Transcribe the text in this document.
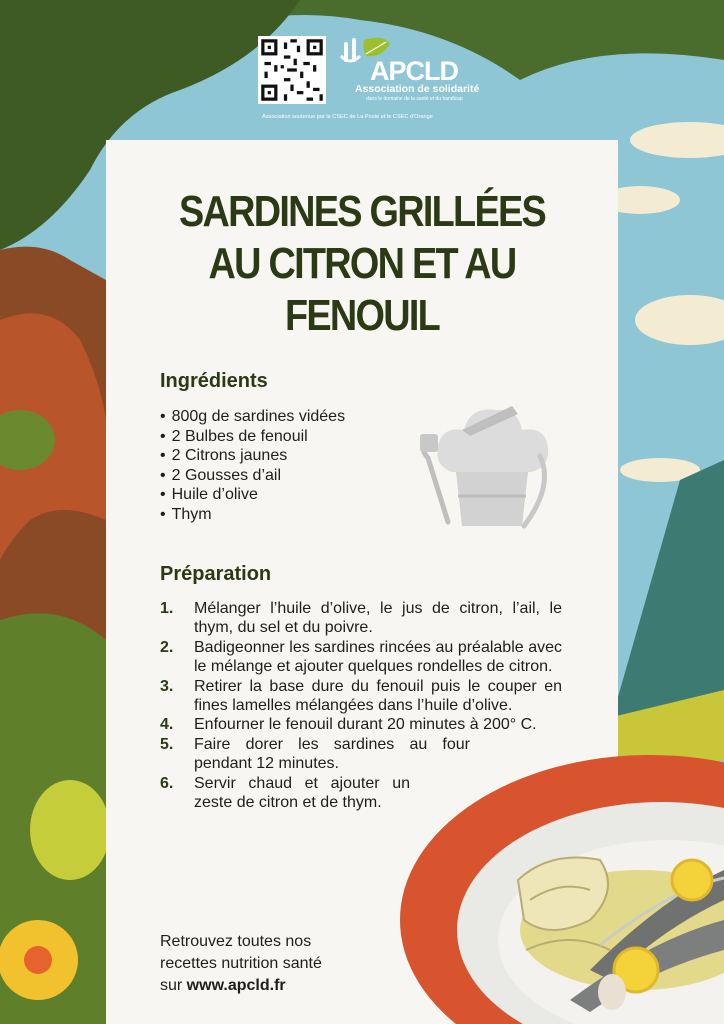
APCLD
Association de solidarité
dans le domaine de la santé et du handicap
Association soutenue par le CSEC de La Poste et le CSEC d'Orange
SARDINES GRILLÉES
AU CITRON ET AU
FENOUIL
Ingrédients
• 800g de sardines vidées
• 2 Bulbes de fenouil
• 2 Citrons jaunes
• 2 Gousses d’ail
• Huile d’olive
• Thym
Préparation
1. Mélanger l’huile d’olive, le jus de citron, l’ail, le thym, du sel et du poivre.
2. Badigeonner les sardines rincées au préalable avec le mélange et ajouter quelques rondelles de citron.
3. Retirer la base dure du fenouil puis le couper en fines lamelles mélangées dans l’huile d’olive.
4. Enfourner le fenouil durant 20 minutes à 200° C.
5. Faire dorer les sardines au four pendant 12 minutes.
6. Servir chaud et ajouter un zeste de citron et de thym.
Retrouvez toutes nos
recettes nutrition santé
sur www.apcld.fr
